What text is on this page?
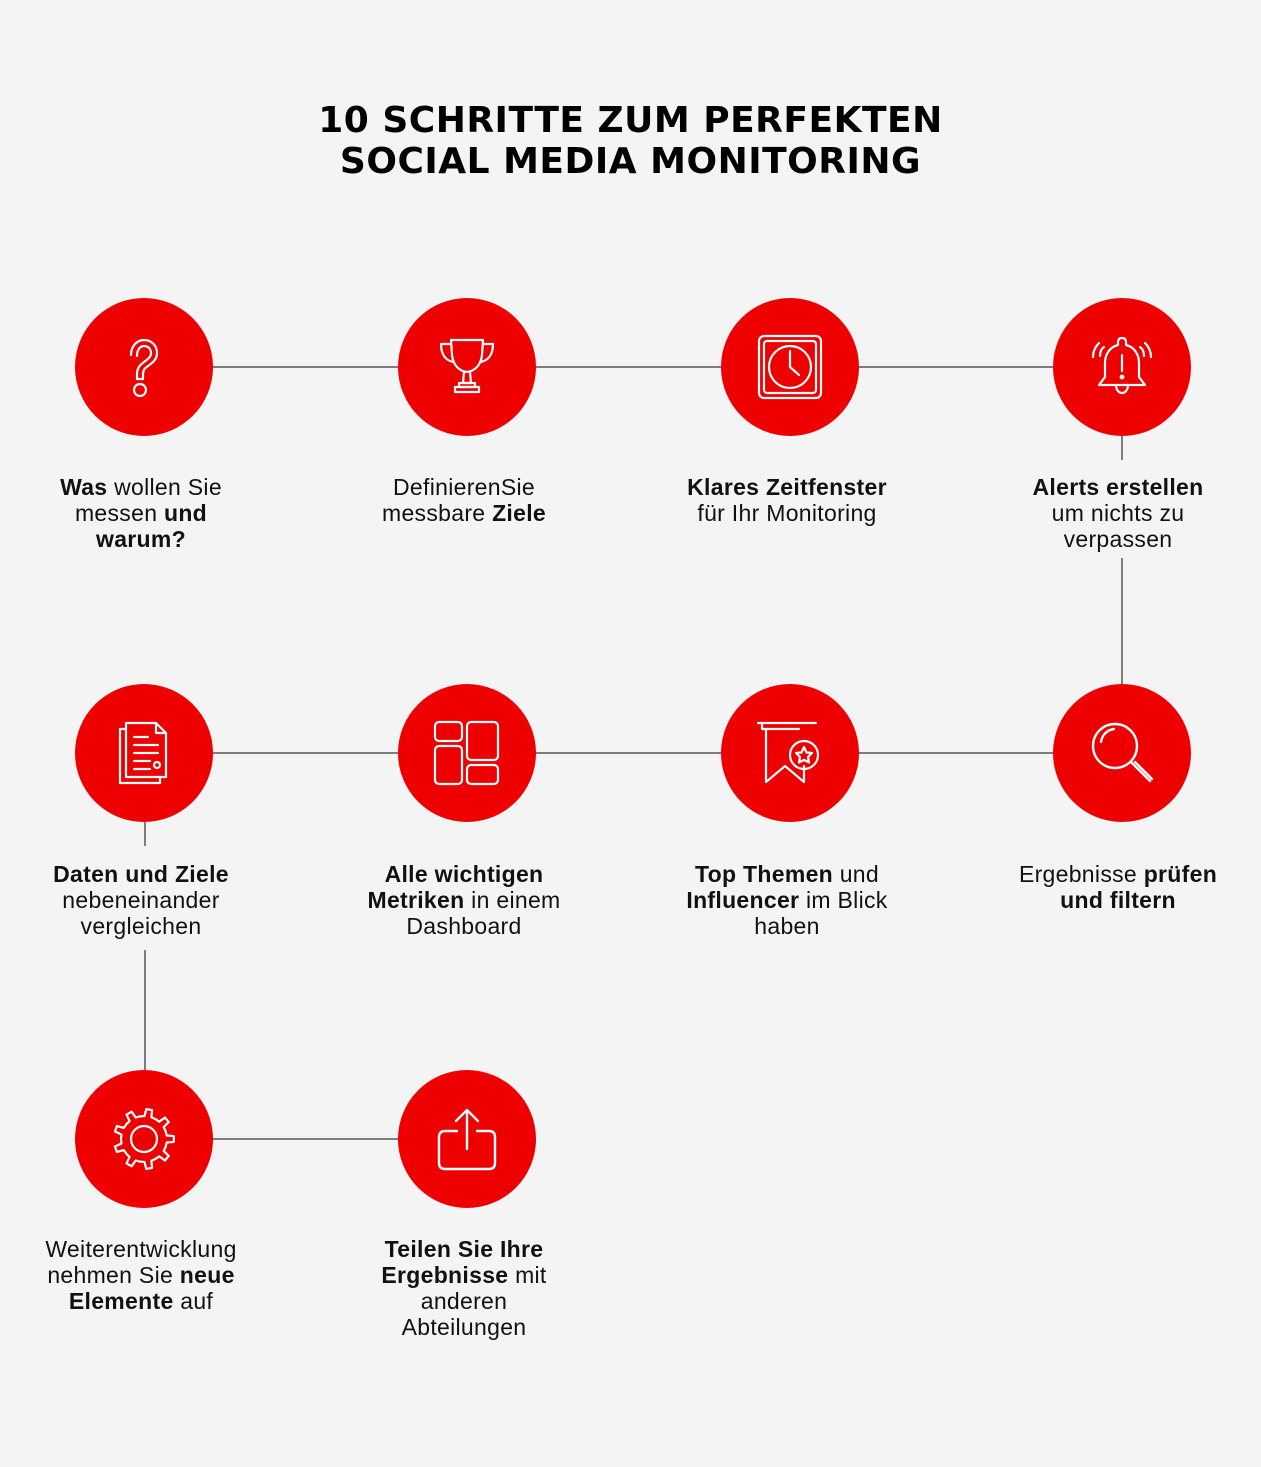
10 SCHRITTE ZUM PERFEKTEN
SOCIAL MEDIA MONITORING

Was wollen Sie
messen und
warum?

DefinierenSie
messbare Ziele

Klares Zeitfenster
für Ihr Monitoring

Alerts erstellen
um nichts zu
verpassen

Ergebnisse prüfen
und filtern

Top Themen und
Influencer im Blick
haben

Alle wichtigen
Metriken in einem
Dashboard

Daten und Ziele
nebeneinander
vergleichen

Weiterentwicklung
nehmen Sie neue
Elemente auf

Teilen Sie Ihre
Ergebnisse mit
anderen
Abteilungen
